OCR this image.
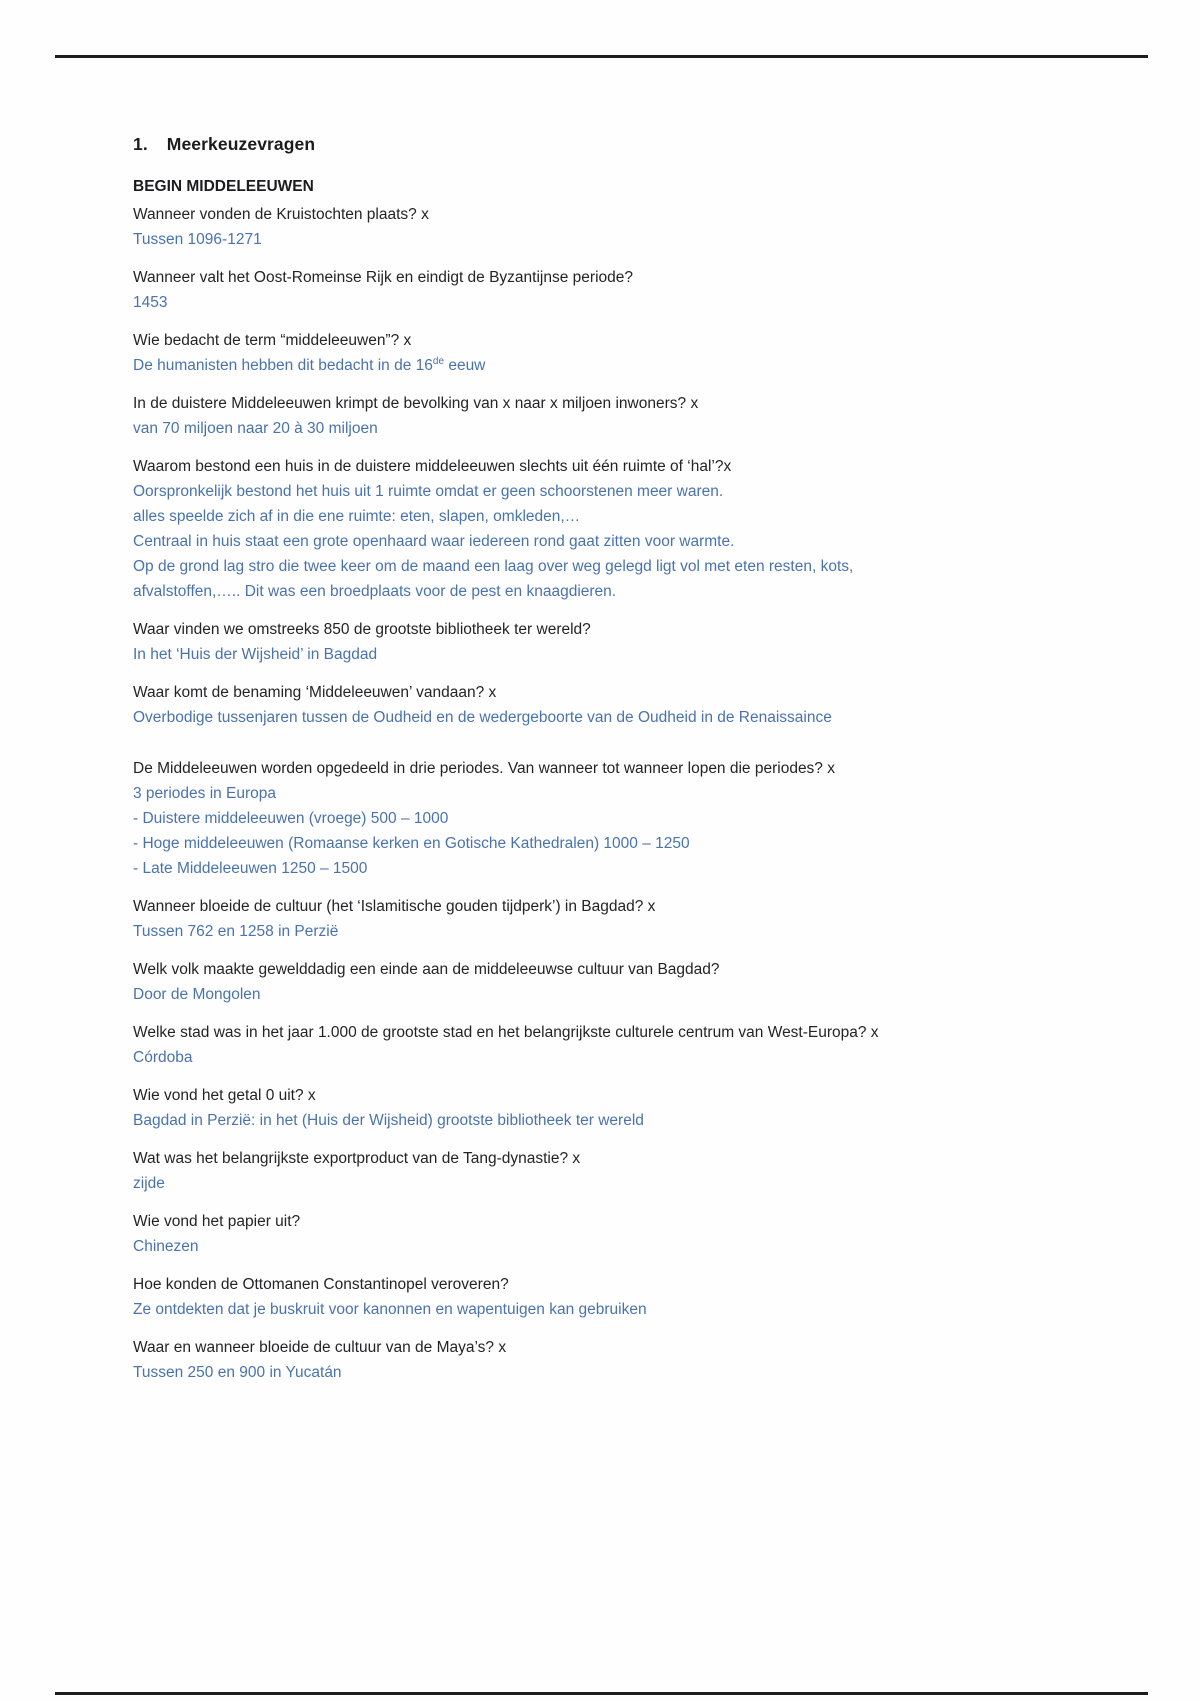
1. Meerkeuzevragen
BEGIN MIDDELEEUWEN

Wanneer vonden de Kruistochten plaats? x

Tussen 1096-1271

Wanneer valt het Oost-Romeinse Rijk en eindigt de Byzantijnse periode?

1453

Wie bedacht de term “middeleeuwen”? x

De humanisten hebben dit bedacht in de 16de eeuw

In de duistere Middeleeuwen krimpt de bevolking van x naar x miljoen inwoners? x

van 70 miljoen naar 20 à 30 miljoen

Waarom bestond een huis in de duistere middeleeuwen slechts uit één ruimte of ‘hal’?x

Oorspronkelijk bestond het huis uit 1 ruimte omdat er geen schoorstenen meer waren.

alles speelde zich af in die ene ruimte: eten, slapen, omkleden,…

Centraal in huis staat een grote openhaard waar iedereen rond gaat zitten voor warmte.

Op de grond lag stro die twee keer om de maand een laag over weg gelegd ligt vol met eten resten, kots,

afvalstoffen,….. Dit was een broedplaats voor de pest en knaagdieren.

Waar vinden we omstreeks 850 de grootste bibliotheek ter wereld?

In het ‘Huis der Wijsheid’ in Bagdad

Waar komt de benaming ‘Middeleeuwen’ vandaan? x

Overbodige tussenjaren tussen de Oudheid en de wedergeboorte van de Oudheid in de Renaissaince

De Middeleeuwen worden opgedeeld in drie periodes. Van wanneer tot wanneer lopen die periodes? x

3 periodes in Europa

- Duistere middeleeuwen (vroege) 500 – 1000

- Hoge middeleeuwen (Romaanse kerken en Gotische Kathedralen) 1000 – 1250

- Late Middeleeuwen 1250 – 1500

Wanneer bloeide de cultuur (het ‘Islamitische gouden tijdperk’) in Bagdad? x

Tussen 762 en 1258 in Perzië

Welk volk maakte gewelddadig een einde aan de middeleeuwse cultuur van Bagdad?

Door de Mongolen

Welke stad was in het jaar 1.000 de grootste stad en het belangrijkste culturele centrum van West-Europa? x

Córdoba

Wie vond het getal 0 uit? x

Bagdad in Perzië: in het (Huis der Wijsheid) grootste bibliotheek ter wereld

Wat was het belangrijkste exportproduct van de Tang-dynastie? x

zijde

Wie vond het papier uit?

Chinezen

Hoe konden de Ottomanen Constantinopel veroveren?

Ze ontdekten dat je buskruit voor kanonnen en wapentuigen kan gebruiken

Waar en wanneer bloeide de cultuur van de Maya’s? x

Tussen 250 en 900 in Yucatán
